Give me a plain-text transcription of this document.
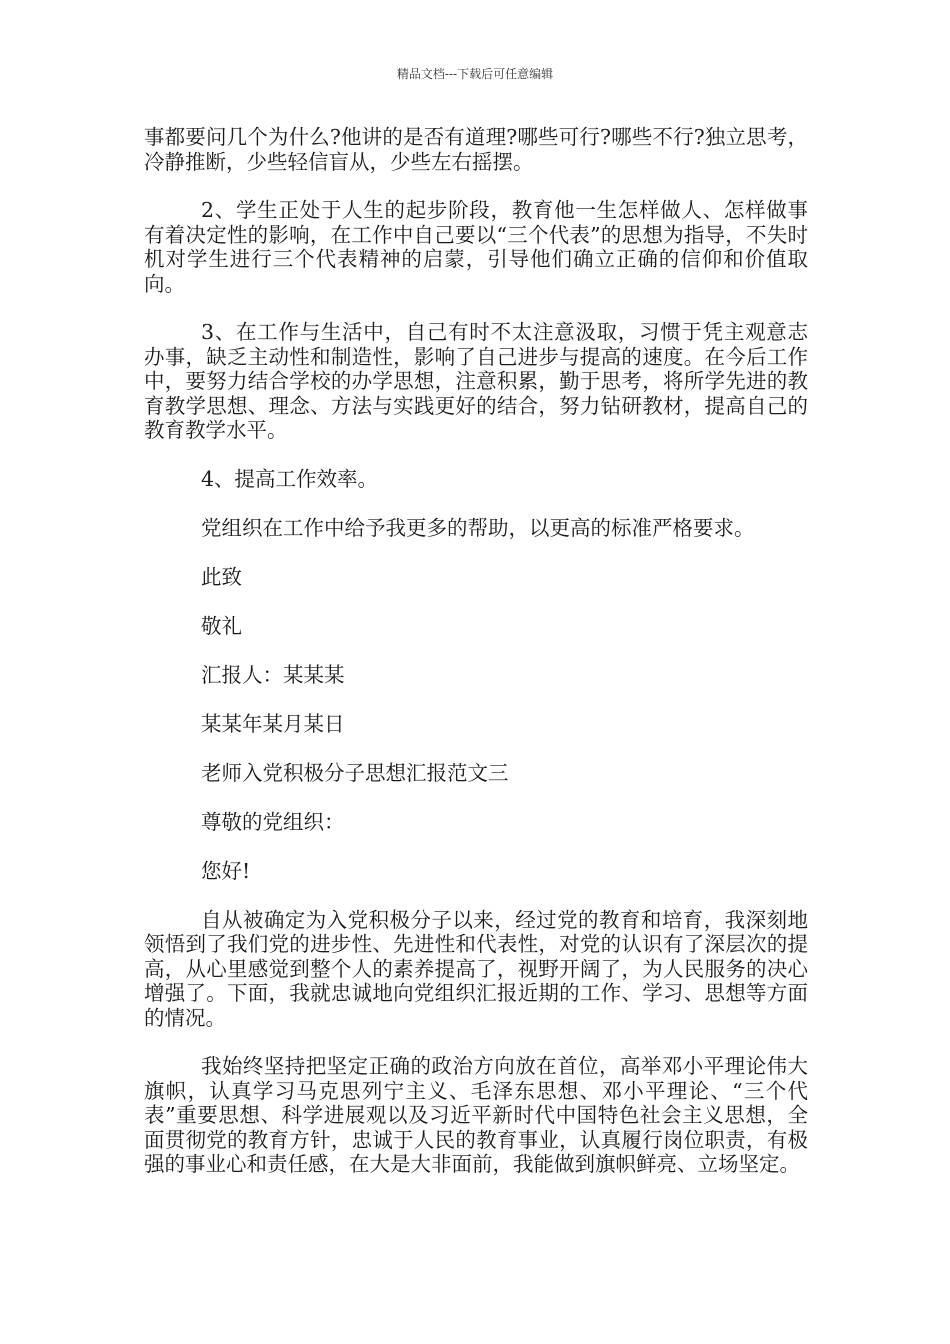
精品文档---下载后可任意编辑

事都要问几个为什么?他讲的是否有道理?哪些可行?哪些不行?独立思考，冷静推断，少些轻信盲从，少些左右摇摆。

2、学生正处于人生的起步阶段，教育他一生怎样做人、怎样做事有着决定性的影响，在工作中自己要以“三个代表”的思想为指导，不失时机对学生进行三个代表精神的启蒙，引导他们确立正确的信仰和价值取向。

3、在工作与生活中，自己有时不太注意汲取，习惯于凭主观意志办事，缺乏主动性和制造性，影响了自己进步与提高的速度。在今后工作中，要努力结合学校的办学思想，注意积累，勤于思考，将所学先进的教育教学思想、理念、方法与实践更好的结合，努力钻研教材，提高自己的教育教学水平。

4、提高工作效率。

党组织在工作中给予我更多的帮助，以更高的标准严格要求。

此致

敬礼

汇报人：某某某

某某年某月某日

老师入党积极分子思想汇报范文三

尊敬的党组织：

您好!

自从被确定为入党积极分子以来，经过党的教育和培育，我深刻地领悟到了我们党的进步性、先进性和代表性，对党的认识有了深层次的提高，从心里感觉到整个人的素养提高了，视野开阔了，为人民服务的决心增强了。下面，我就忠诚地向党组织汇报近期的工作、学习、思想等方面的情况。

我始终坚持把坚定正确的政治方向放在首位，高举邓小平理论伟大旗帜，认真学习马克思列宁主义、毛泽东思想、邓小平理论、“三个代表”重要思想、科学进展观以及习近平新时代中国特色社会主义思想，全面贯彻党的教育方针，忠诚于人民的教育事业，认真履行岗位职责，有极强的事业心和责任感，在大是大非面前，我能做到旗帜鲜亮、立场坚定。
